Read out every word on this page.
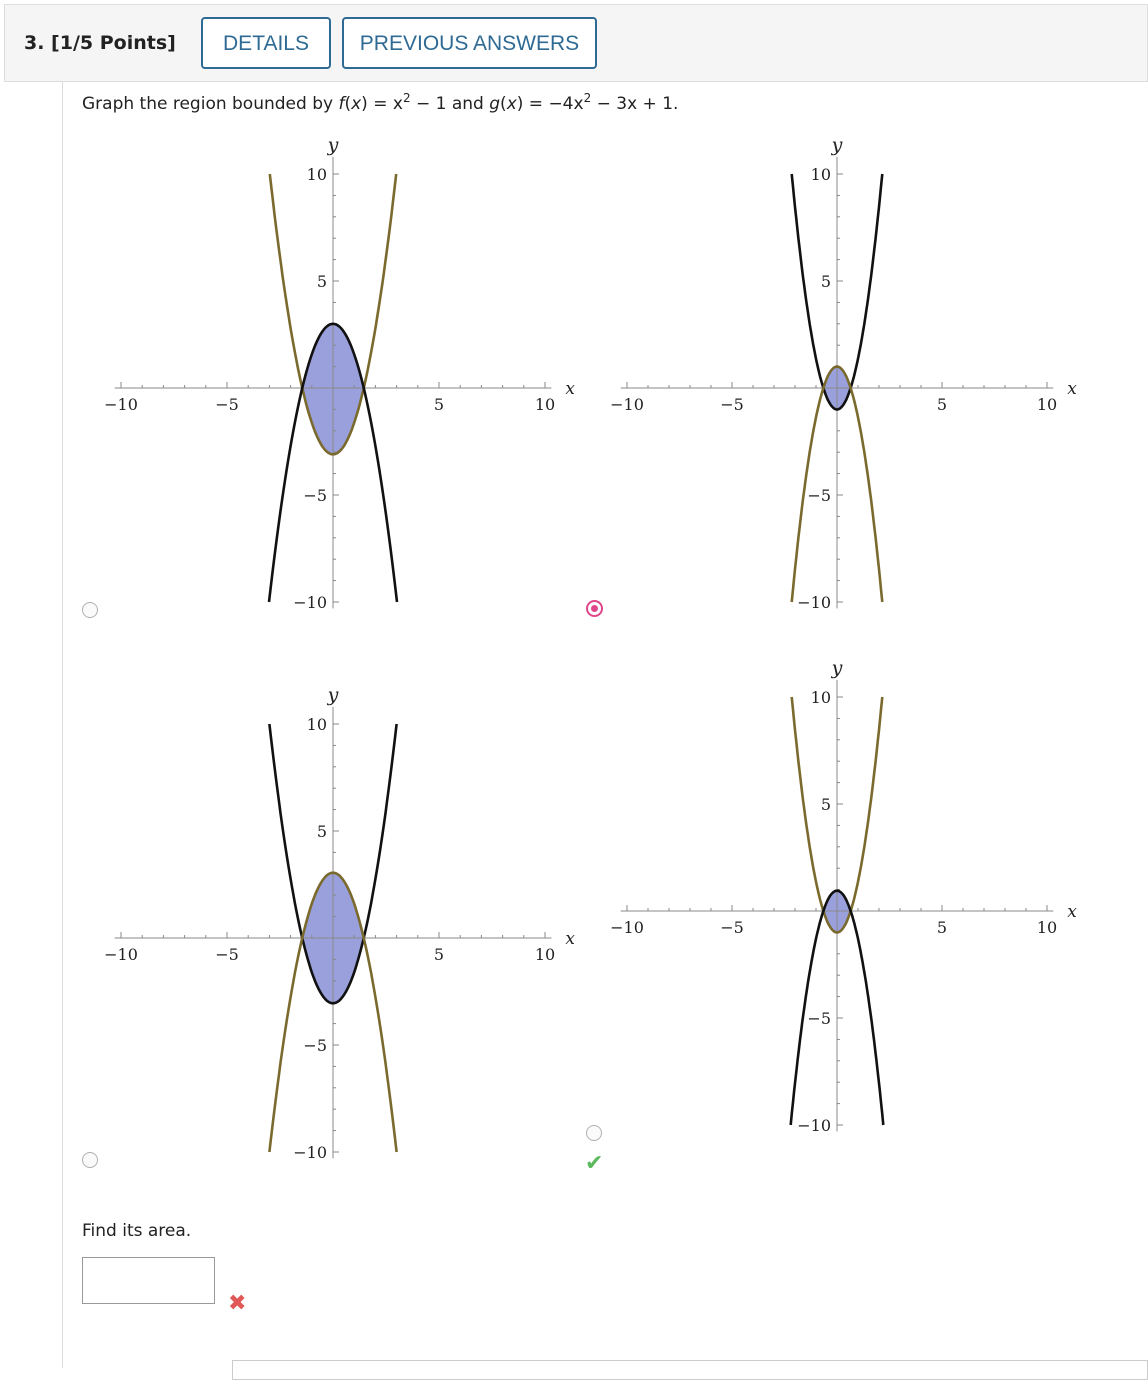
3. [1/5 Points]	DETAILS	PREVIOUS ANSWERS
Graph the region bounded by $f(x) = x^2 - 1$ and $g(x) = -4x^2 - 3x + 1$.
−10	−5	5	10
10
5
−5
−10
x
y
−10	−5	5	10
10
5
−5
−10
x
y
−10	−5	5	10
10
5
−5
−10
x
y
✔
−10	−5	5	10
10
5
−5
−10
x
y
Find its area.
✖
